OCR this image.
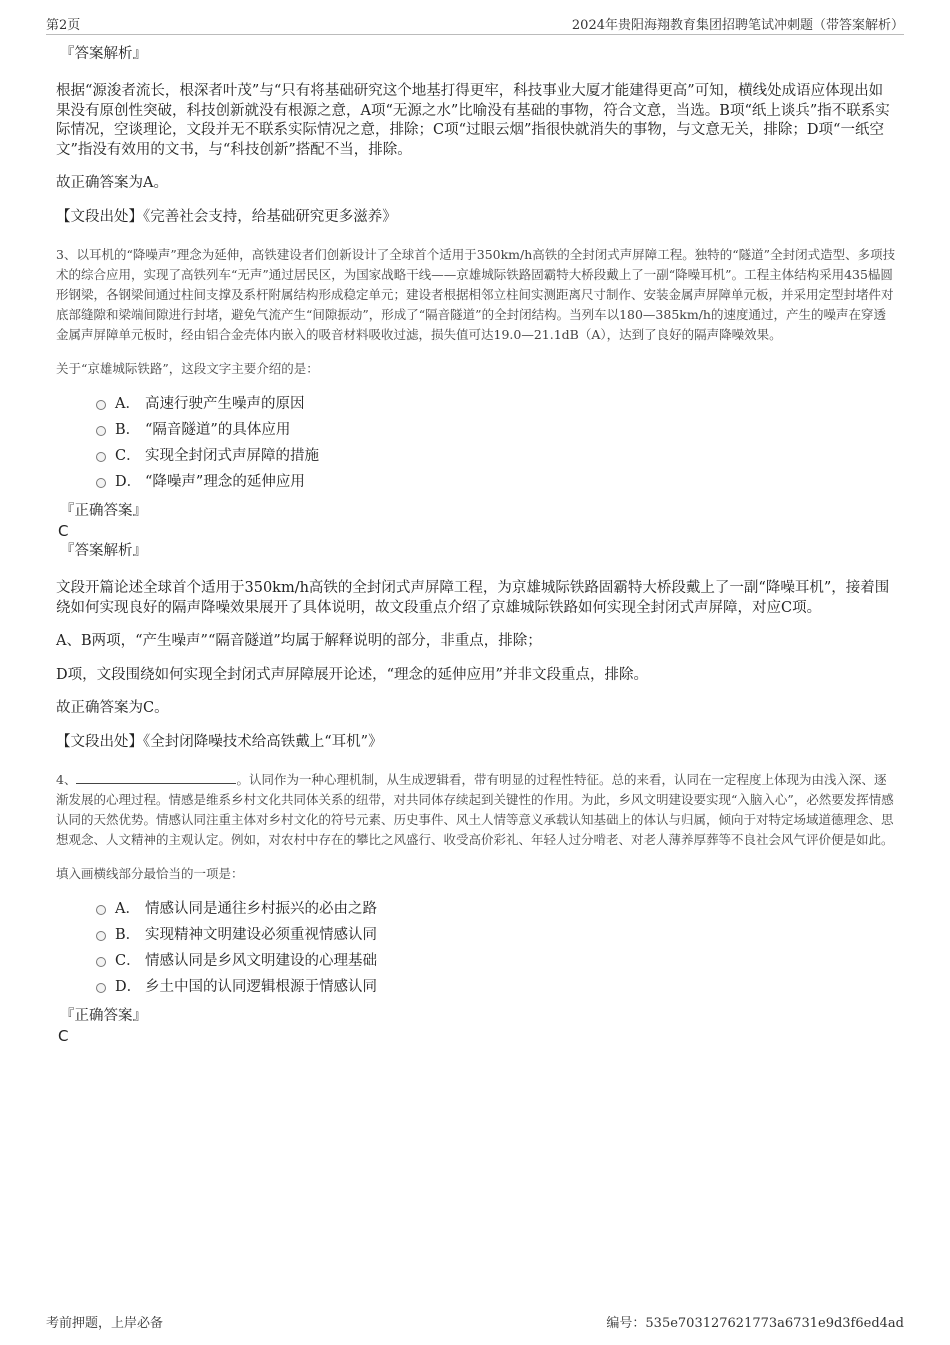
第2页	2024年贵阳海翔教育集团招聘笔试冲刺题（带答案解析）
『答案解析』

根据“源浚者流长，根深者叶茂”与“只有将基础研究这个地基打得更牢，科技事业大厦才能建得更高”可知，横线处成语应体现出如果没有原创性突破，科技创新就没有根源之意，A项“无源之水”比喻没有基础的事物，符合文意，当选。B项“纸上谈兵”指不联系实际情况，空谈理论，文段并无不联系实际情况之意，排除；C项“过眼云烟”指很快就消失的事物，与文意无关，排除；D项“一纸空文”指没有效用的文书，与“科技创新”搭配不当，排除。

故正确答案为A。

【文段出处】《完善社会支持，给基础研究更多滋养》

3、以耳机的“降噪声”理念为延伸，高铁建设者们创新设计了全球首个适用于350km/h高铁的全封闭式声屏障工程。独特的“隧道”全封闭式造型、多项技术的综合应用，实现了高铁列车“无声”通过居民区，为国家战略干线——京雄城际铁路固霸特大桥段戴上了一副“降噪耳机”。工程主体结构采用435榀圆形钢梁，各钢梁间通过柱间支撑及系杆附属结构形成稳定单元；建设者根据相邻立柱间实测距离尺寸制作、安装金属声屏障单元板，并采用定型封堵件对底部缝隙和梁端间隙进行封堵，避免气流产生“间隙振动”，形成了“隔音隧道”的全封闭结构。当列车以180—385km/h的速度通过，产生的噪声在穿透金属声屏障单元板时，经由铝合金壳体内嵌入的吸音材料吸收过滤，损失值可达19.0—21.1dB（A），达到了良好的隔声降噪效果。

关于“京雄城际铁路”，这段文字主要介绍的是：

A． 高速行驶产生噪声的原因
B． “隔音隧道”的具体应用
C． 实现全封闭式声屏障的措施
D． “降噪声”理念的延伸应用
『正确答案』
C
『答案解析』

文段开篇论述全球首个适用于350km/h高铁的全封闭式声屏障工程，为京雄城际铁路固霸特大桥段戴上了一副“降噪耳机”，接着围绕如何实现良好的隔声降噪效果展开了具体说明，故文段重点介绍了京雄城际铁路如何实现全封闭式声屏障，对应C项。

A、B两项，“产生噪声”“隔音隧道”均属于解释说明的部分，非重点，排除；

D项，文段围绕如何实现全封闭式声屏障展开论述，“理念的延伸应用”并非文段重点，排除。

故正确答案为C。

【文段出处】《全封闭降噪技术给高铁戴上“耳机”》

4、	。认同作为一种心理机制，从生成逻辑看，带有明显的过程性特征。总的来看，认同在一定程度上体现为由浅入深、逐渐发展的心理过程。情感是维系乡村文化共同体关系的纽带，对共同体存续起到关键性的作用。为此，乡风文明建设要实现“入脑入心”，必然要发挥情感认同的天然优势。情感认同注重主体对乡村文化的符号元素、历史事件、风土人情等意义承载认知基础上的体认与归属，倾向于对特定场域道德理念、思想观念、人文精神的主观认定。例如，对农村中存在的攀比之风盛行、收受高价彩礼、年轻人过分啃老、对老人薄养厚葬等不良社会风气评价便是如此。

填入画横线部分最恰当的一项是：

A． 情感认同是通往乡村振兴的必由之路
B． 实现精神文明建设必须重视情感认同
C． 情感认同是乡风文明建设的心理基础
D． 乡土中国的认同逻辑根源于情感认同
『正确答案』
C
考前押题，上岸必备	编号：535e703127621773a6731e9d3f6ed4ad
